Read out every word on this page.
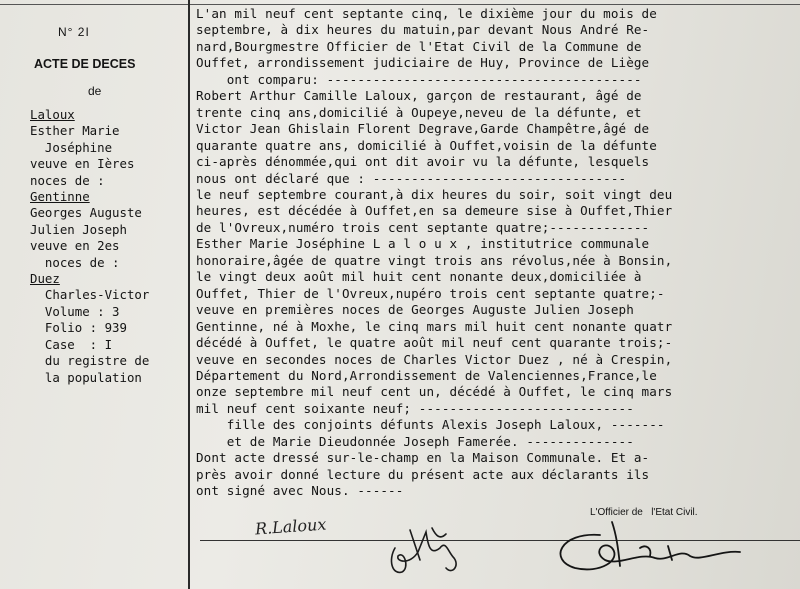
N° 2I
ACTE DE DECES
de
Laloux
Esther Marie
Joséphine
veuve en Ières
noces de :
Gentinne
Georges Auguste
Julien Joseph
veuve en 2es
noces de :
Duez
Charles-Victor
Volume : 3
Folio : 939
Case  : I
du registre de
la population
L'an mil neuf cent septante cinq, le dixième jour du mois de
septembre, à dix heures du matuin,par devant Nous André Re-
nard,Bourgmestre Officier de l'Etat Civil de la Commune de
Ouffet, arrondissement judiciaire de Huy, Province de Liège
ont comparu: -----------------------------------------
Robert Arthur Camille Laloux, garçon de restaurant, âgé de
trente cinq ans,domicilié à Oupeye,neveu de la défunte, et
Victor Jean Ghislain Florent Degrave,Garde Champêtre,âgé de
quarante quatre ans, domicilié à Ouffet,voisin de la défunte
ci-après dénommée,qui ont dit avoir vu la défunte, lesquels
nous ont déclaré que : ---------------------------------
le neuf septembre courant,à dix heures du soir, soit vingt deu
heures, est décédée à Ouffet,en sa demeure sise à Ouffet,Thier
de l'Ovreux,numéro trois cent septante quatre;-------------
Esther Marie Joséphine L a l o u x , institutrice communale
honoraire,âgée de quatre vingt trois ans révolus,née à Bonsin,
le vingt deux août mil huit cent nonante deux,domiciliée à
Ouffet, Thier de l'Ovreux,nupéro trois cent septante quatre;-
veuve en premières noces de Georges Auguste Julien Joseph
Gentinne, né à Moxhe, le cinq mars mil huit cent nonante quatr
décédé à Ouffet, le quatre août mil neuf cent quarante trois;-
veuve en secondes noces de Charles Victor Duez , né à Crespin,
Département du Nord,Arrondissement de Valenciennes,France,le
onze septembre mil neuf cent un, décédé à Ouffet, le cinq mars
mil neuf cent soixante neuf; ----------------------------
fille des conjoints défunts Alexis Joseph Laloux, -------
et de Marie Dieudonnée Joseph Famerée. --------------
Dont acte dressé sur-le-champ en la Maison Communale. Et a-
près avoir donné lecture du présent acte aux déclarants ils
ont signé avec Nous. ------
L'Officier de   l'Etat Civil.
R.Laloux
